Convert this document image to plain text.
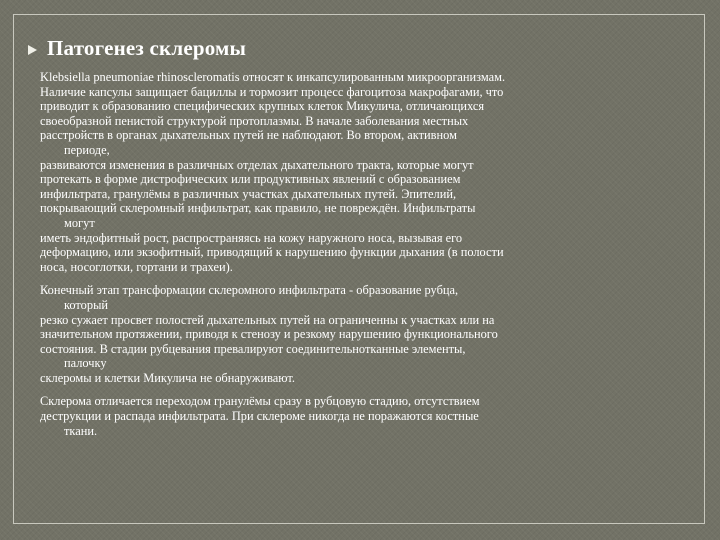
Патогенез склеромы
Klebsiella pneumoniae rhinoscleromatis относят к инкапсулированным микроорганизмам.
Наличие капсулы защищает бациллы и тормозит процесс фагоцитоза макрофагами, что
приводит к образованию специфических крупных клеток Микулича, отличающихся
своеобразной пенистой структурой протоплазмы. В начале заболевания местных
расстройств в органах дыхательных путей не наблюдают. Во втором, активном
периоде,
развиваются изменения в различных отделах дыхательного тракта, которые могут
протекать в форме дистрофических или продуктивных явлений с образованием
инфильтрата, гранулёмы в различных участках дыхательных путей. Эпителий,
покрывающий склеромный инфильтрат, как правило, не повреждён. Инфильтраты
могут
иметь эндофитный рост, распространяясь на кожу наружного носа, вызывая его
деформацию, или экзофитный, приводящий к нарушению функции дыхания (в полости
носа, носоглотки, гортани и трахеи).
Конечный этап трансформации склеромного инфильтрата - образование рубца,
который
резко сужает просвет полостей дыхательных путей на ограниченны к участках или на
значительном протяжении, приводя к стенозу и резкому нарушению функционального
состояния. В стадии рубцевания превалируют соединительнотканные элементы,
палочку
склеромы и клетки Микулича не обнаруживают.
Склерома отличается переходом гранулёмы сразу в рубцовую стадию, отсутствием
деструкции и распада инфильтрата. При склероме никогда не поражаются костные
ткани.
